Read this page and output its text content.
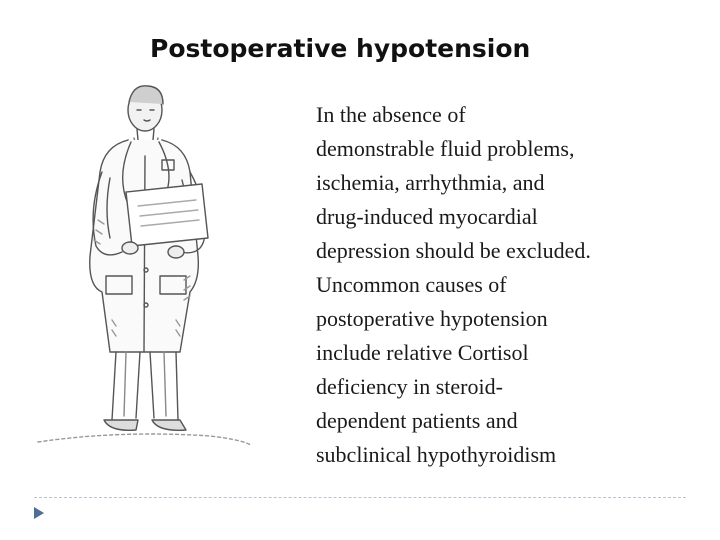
Postoperative hypotension
In the absence of
demonstrable fluid problems,
ischemia, arrhythmia, and
drug-induced myocardial
depression should be excluded.
Uncommon causes of
postoperative hypotension
include relative Cortisol
deficiency in steroid-
dependent patients and
subclinical hypothyroidism
